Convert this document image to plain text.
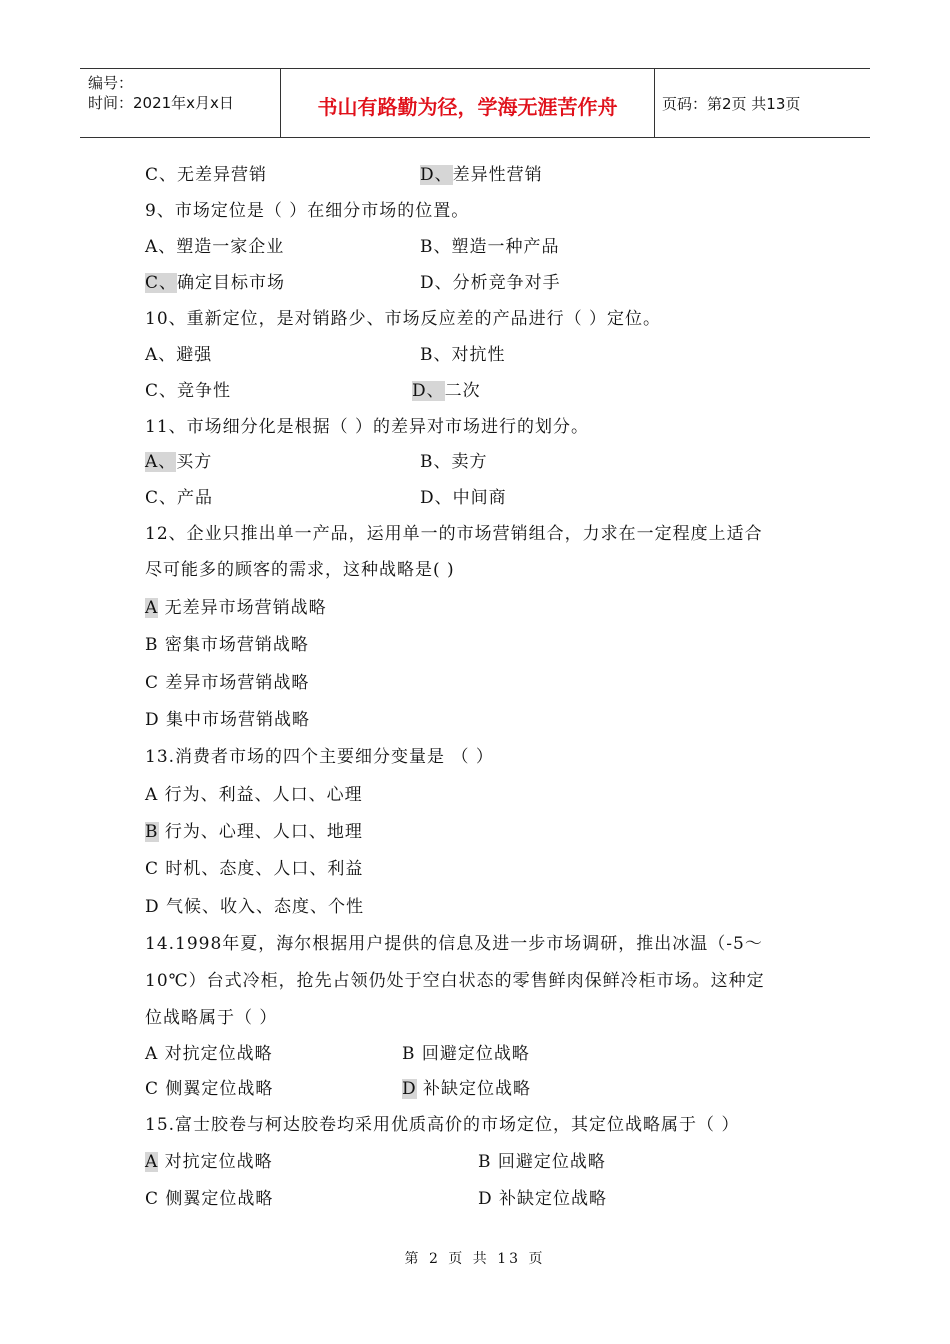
编号：
时间：2021年x月x日	书山有路勤为径，学海无涯苦作舟	页码：第2页 共13页
C、无差异营销	D、差异性营销
9、市场定位是（ ）在细分市场的位置。
A、塑造一家企业	B、塑造一种产品
C、确定目标市场	D、分析竞争对手
10、重新定位，是对销路少、市场反应差的产品进行（ ）定位。
A、避强	B、对抗性
C、竞争性	D、二次
11、市场细分化是根据（ ）的差异对市场进行的划分。
A、买方	B、卖方
C、产品	D、中间商
12、企业只推出单一产品，运用单一的市场营销组合，力求在一定程度上适合
尽可能多的顾客的需求，这种战略是( )
A 无差异市场营销战略
B 密集市场营销战略
C 差异市场营销战略
D 集中市场营销战略
13.消费者市场的四个主要细分变量是 （ ）
A 行为、利益、人口、心理
B 行为、心理、人口、地理
C 时机、态度、人口、利益
D 气候、收入、态度、个性
14.1998年夏，海尔根据用户提供的信息及进一步市场调研，推出冰温（-5～
10℃）台式冷柜，抢先占领仍处于空白状态的零售鲜肉保鲜冷柜市场。这种定
位战略属于（ ）
A 对抗定位战略	B 回避定位战略
C 侧翼定位战略	D 补缺定位战略
15.富士胶卷与柯达胶卷均采用优质高价的市场定位，其定位战略属于（ ）
A 对抗定位战略	B 回避定位战略
C 侧翼定位战略	D 补缺定位战略
第 2 页 共 13 页
